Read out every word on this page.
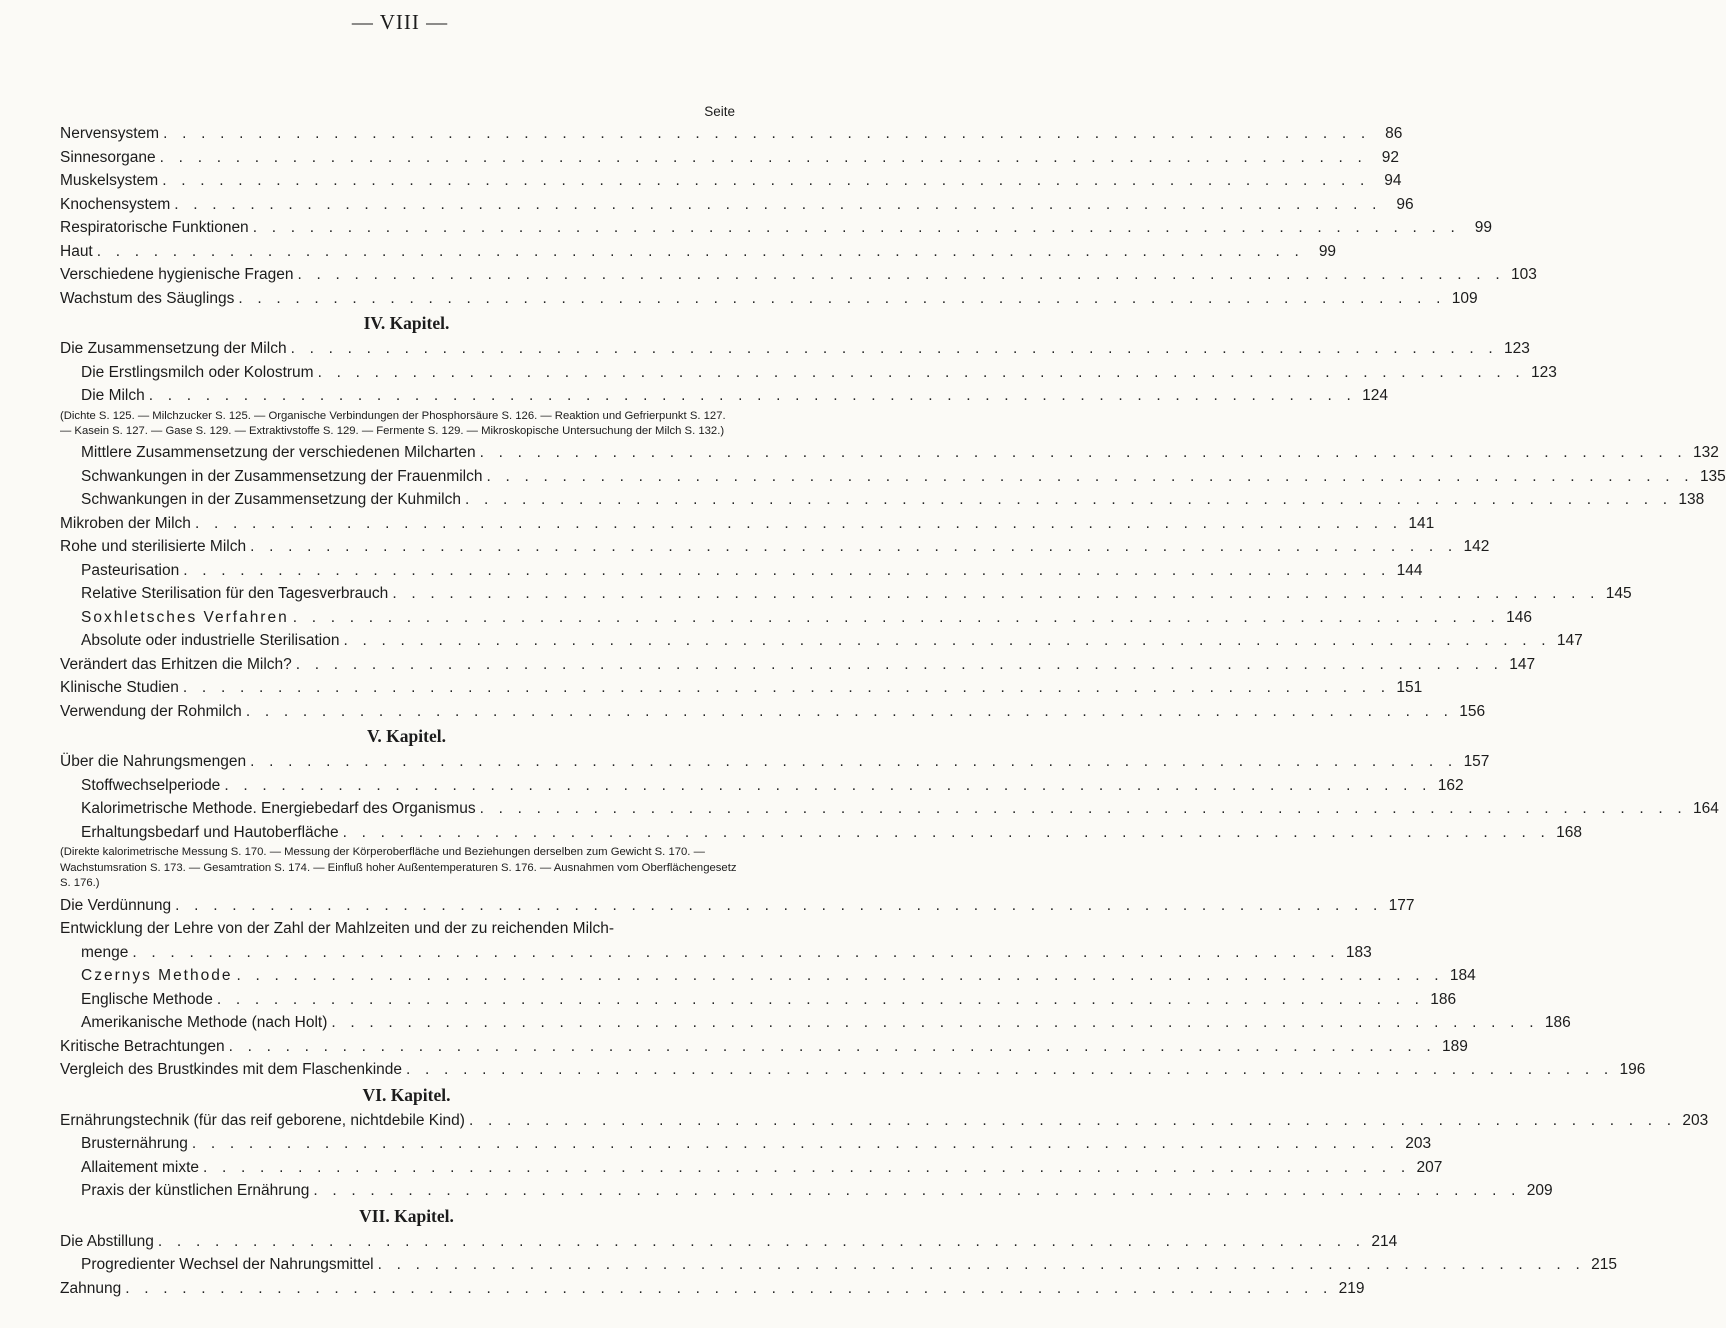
— VIII —
Seite
Nervensystem . . . . . . . . . . . . . . . . . . . . . . . . . . . . . . . . . . . . . . . . . . . . . . . . . . . . . . . . . . . . . . . . 86
Sinnesorgane . . . . . . . . . . . . . . . . . . . . . . . . . . . . . . . . . . . . . . . . . . . . . . . . . . . . . . . . . . . . . . . . 92
Muskelsystem . . . . . . . . . . . . . . . . . . . . . . . . . . . . . . . . . . . . . . . . . . . . . . . . . . . . . . . . . . . . . . . . 94
Knochensystem . . . . . . . . . . . . . . . . . . . . . . . . . . . . . . . . . . . . . . . . . . . . . . . . . . . . . . . . . . . . . . . . 96
Respiratorische Funktionen . . . . . . . . . . . . . . . . . . . . . . . . . . . . . . . . . . . . . . . . . . . . . . . . . . . . . . . . . . . . . . . . 99
Haut . . . . . . . . . . . . . . . . . . . . . . . . . . . . . . . . . . . . . . . . . . . . . . . . . . . . . . . . . . . . . . . . 99
Verschiedene hygienische Fragen . . . . . . . . . . . . . . . . . . . . . . . . . . . . . . . . . . . . . . . . . . . . . . . . . . . . . . . . . . . . . . . . 103
Wachstum des Säuglings . . . . . . . . . . . . . . . . . . . . . . . . . . . . . . . . . . . . . . . . . . . . . . . . . . . . . . . . . . . . . . . . 109
IV. Kapitel.
Die Zusammensetzung der Milch . . . . . . . . . . . . . . . . . . . . . . . . . . . . . . . . . . . . . . . . . . . . . . . . . . . . . . . . . . . . . . . . 123
Die Erstlingsmilch oder Kolostrum . . . . . . . . . . . . . . . . . . . . . . . . . . . . . . . . . . . . . . . . . . . . . . . . . . . . . . . . . . . . . . . . 123
Die Milch . . . . . . . . . . . . . . . . . . . . . . . . . . . . . . . . . . . . . . . . . . . . . . . . . . . . . . . . . . . . . . . . 124
(Dichte S. 125. — Milchzucker S. 125. — Organische Verbindungen der Phosphorsäure S. 126. — Reaktion und Gefrierpunkt S. 127. — Kasein S. 127. — Gase S. 129. — Extraktivstoffe S. 129. — Fermente S. 129. — Mikroskopische Untersuchung der Milch S. 132.)
Mittlere Zusammensetzung der verschiedenen Milcharten . . . . . . . . . . . . . . . . . . . . . . . . . . . . . . . . . . . . . . . . . . . . . . . . . . . . . . . . . . . . . . . . 132
Schwankungen in der Zusammensetzung der Frauenmilch . . . . . . . . . . . . . . . . . . . . . . . . . . . . . . . . . . . . . . . . . . . . . . . . . . . . . . . . . . . . . . . . 135
Schwankungen in der Zusammensetzung der Kuhmilch . . . . . . . . . . . . . . . . . . . . . . . . . . . . . . . . . . . . . . . . . . . . . . . . . . . . . . . . . . . . . . . . 138
Mikroben der Milch . . . . . . . . . . . . . . . . . . . . . . . . . . . . . . . . . . . . . . . . . . . . . . . . . . . . . . . . . . . . . . . . 141
Rohe und sterilisierte Milch . . . . . . . . . . . . . . . . . . . . . . . . . . . . . . . . . . . . . . . . . . . . . . . . . . . . . . . . . . . . . . . . 142
Pasteurisation . . . . . . . . . . . . . . . . . . . . . . . . . . . . . . . . . . . . . . . . . . . . . . . . . . . . . . . . . . . . . . . . 144
Relative Sterilisation für den Tagesverbrauch . . . . . . . . . . . . . . . . . . . . . . . . . . . . . . . . . . . . . . . . . . . . . . . . . . . . . . . . . . . . . . . . 145
Soxhletsches Verfahren . . . . . . . . . . . . . . . . . . . . . . . . . . . . . . . . . . . . . . . . . . . . . . . . . . . . . . . . . . . . . . . . 146
Absolute oder industrielle Sterilisation . . . . . . . . . . . . . . . . . . . . . . . . . . . . . . . . . . . . . . . . . . . . . . . . . . . . . . . . . . . . . . . . 147
Verändert das Erhitzen die Milch? . . . . . . . . . . . . . . . . . . . . . . . . . . . . . . . . . . . . . . . . . . . . . . . . . . . . . . . . . . . . . . . . 147
Klinische Studien . . . . . . . . . . . . . . . . . . . . . . . . . . . . . . . . . . . . . . . . . . . . . . . . . . . . . . . . . . . . . . . . 151
Verwendung der Rohmilch . . . . . . . . . . . . . . . . . . . . . . . . . . . . . . . . . . . . . . . . . . . . . . . . . . . . . . . . . . . . . . . . 156
V. Kapitel.
Über die Nahrungsmengen . . . . . . . . . . . . . . . . . . . . . . . . . . . . . . . . . . . . . . . . . . . . . . . . . . . . . . . . . . . . . . . . 157
Stoffwechselperiode . . . . . . . . . . . . . . . . . . . . . . . . . . . . . . . . . . . . . . . . . . . . . . . . . . . . . . . . . . . . . . . . 162
Kalorimetrische Methode. Energiebedarf des Organismus . . . . . . . . . . . . . . . . . . . . . . . . . . . . . . . . . . . . . . . . . . . . . . . . . . . . . . . . . . . . . . . . 164
Erhaltungsbedarf und Hautoberfläche . . . . . . . . . . . . . . . . . . . . . . . . . . . . . . . . . . . . . . . . . . . . . . . . . . . . . . . . . . . . . . . . 168
(Direkte kalorimetrische Messung S. 170. — Messung der Körperoberfläche und Beziehungen derselben zum Gewicht S. 170. — Wachstumsration S. 173. — Gesamtration S. 174. — Einfluß hoher Außentemperaturen S. 176. — Ausnahmen vom Oberflächengesetz S. 176.)
Die Verdünnung . . . . . . . . . . . . . . . . . . . . . . . . . . . . . . . . . . . . . . . . . . . . . . . . . . . . . . . . . . . . . . . . 177
Entwicklung der Lehre von der Zahl der Mahlzeiten und der zu reichenden Milch-
menge . . . . . . . . . . . . . . . . . . . . . . . . . . . . . . . . . . . . . . . . . . . . . . . . . . . . . . . . . . . . . . . . 183
Czernys Methode . . . . . . . . . . . . . . . . . . . . . . . . . . . . . . . . . . . . . . . . . . . . . . . . . . . . . . . . . . . . . . . . 184
Englische Methode . . . . . . . . . . . . . . . . . . . . . . . . . . . . . . . . . . . . . . . . . . . . . . . . . . . . . . . . . . . . . . . . 186
Amerikanische Methode (nach Holt) . . . . . . . . . . . . . . . . . . . . . . . . . . . . . . . . . . . . . . . . . . . . . . . . . . . . . . . . . . . . . . . . 186
Kritische Betrachtungen . . . . . . . . . . . . . . . . . . . . . . . . . . . . . . . . . . . . . . . . . . . . . . . . . . . . . . . . . . . . . . . . 189
Vergleich des Brustkindes mit dem Flaschenkinde . . . . . . . . . . . . . . . . . . . . . . . . . . . . . . . . . . . . . . . . . . . . . . . . . . . . . . . . . . . . . . . . 196
VI. Kapitel.
Ernährungstechnik (für das reif geborene, nichtdebile Kind) . . . . . . . . . . . . . . . . . . . . . . . . . . . . . . . . . . . . . . . . . . . . . . . . . . . . . . . . . . . . . . . . 203
Brusternährung . . . . . . . . . . . . . . . . . . . . . . . . . . . . . . . . . . . . . . . . . . . . . . . . . . . . . . . . . . . . . . . . 203
Allaitement mixte . . . . . . . . . . . . . . . . . . . . . . . . . . . . . . . . . . . . . . . . . . . . . . . . . . . . . . . . . . . . . . . . 207
Praxis der künstlichen Ernährung . . . . . . . . . . . . . . . . . . . . . . . . . . . . . . . . . . . . . . . . . . . . . . . . . . . . . . . . . . . . . . . . 209
VII. Kapitel.
Die Abstillung . . . . . . . . . . . . . . . . . . . . . . . . . . . . . . . . . . . . . . . . . . . . . . . . . . . . . . . . . . . . . . . . 214
Progredienter Wechsel der Nahrungsmittel . . . . . . . . . . . . . . . . . . . . . . . . . . . . . . . . . . . . . . . . . . . . . . . . . . . . . . . . . . . . . . . . 215
Zahnung . . . . . . . . . . . . . . . . . . . . . . . . . . . . . . . . . . . . . . . . . . . . . . . . . . . . . . . . . . . . . . . . 219
